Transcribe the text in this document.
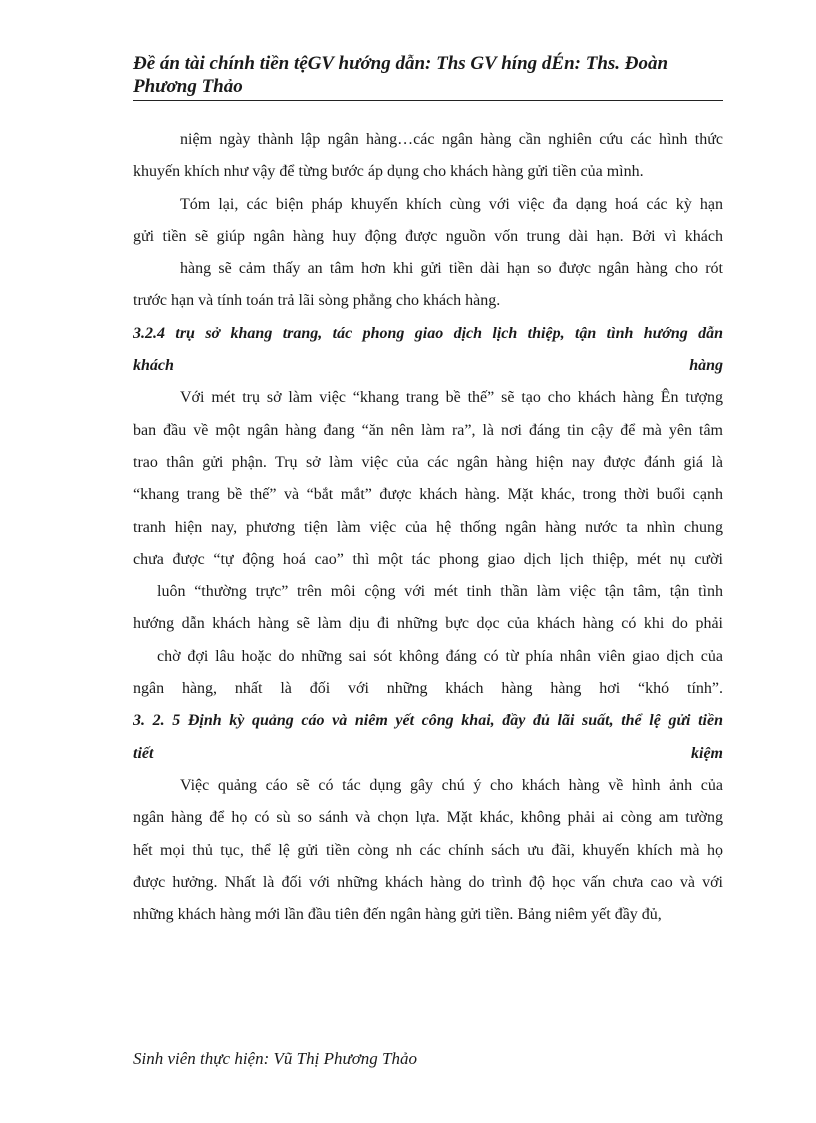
Đề án tài chính tiền tệGV hướng dẫn: Ths GV híng dÉn: Ths. Đoàn
Phương Thảo
niệm ngày thành lập ngân hàng…các ngân hàng cần nghiên cứu các hình thức
khuyến khích như vậy để từng bước áp dụng cho khách hàng gửi tiền của mình.
Tóm lại, các biện pháp khuyến khích cùng với việc đa dạng hoá các kỳ hạn
gửi tiền sẽ giúp ngân hàng huy động được nguồn vốn trung dài hạn. Bởi vì khách
hàng sẽ cảm thấy an tâm hơn khi gửi tiền dài hạn so được ngân hàng cho rót
trước hạn và tính toán trả lãi sòng phẳng cho khách hàng.
3.2.4 trụ sở khang trang, tác phong giao dịch lịch thiệp, tận tình hướng dẫn
khách hàng
Với mét trụ sở làm việc “khang trang bề thế” sẽ tạo cho khách hàng Ên tượng
ban đầu về một ngân hàng đang “ăn nên làm ra”, là nơi đáng tin cậy để mà yên tâm
trao thân gửi phận. Trụ sở làm việc của các ngân hàng hiện nay được đánh giá là
“khang trang bề thế” và “bắt mắt” được khách hàng. Mặt khác, trong thời buổi cạnh
tranh hiện nay, phương tiện làm việc của hệ thống ngân hàng nước ta nhìn chung
chưa được “tự động hoá cao” thì một tác phong giao dịch lịch thiệp, mét nụ cười
luôn “thường trực” trên môi cộng với mét tinh thần làm việc tận tâm, tận tình
hướng dẫn khách hàng sẽ làm dịu đi những bực dọc của khách hàng có khi do phải
chờ đợi lâu hoặc do những sai sót không đáng có từ phía nhân viên giao dịch của
ngân hàng, nhất là đối với những khách hàng hàng hơi “khó tính”.
3. 2. 5 Định kỳ quảng cáo và niêm yết công khai, đầy đủ lãi suất, thể lệ gửi tiền
tiết kiệm
Việc quảng cáo sẽ có tác dụng gây chú ý cho khách hàng về hình ảnh của
ngân hàng để họ có sù so sánh và chọn lựa. Mặt khác, không phải ai còng am tường
hết mọi thủ tục, thể lệ gửi tiền còng nh các chính sách ưu đãi, khuyến khích mà họ
được hưởng. Nhất là đối với những khách hàng do trình độ học vấn chưa cao và với
những khách hàng mới lần đầu tiên đến ngân hàng gửi tiền. Bảng niêm yết đầy đủ,
Sinh viên thực hiện: Vũ Thị Phương Thảo
